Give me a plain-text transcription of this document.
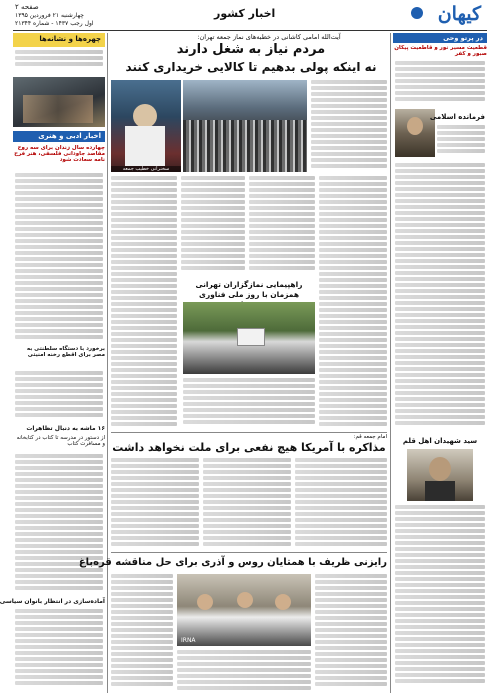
صفحه ۲
چهارشنبه ۲۱ فروردین ۱۳۹۵
اول رجب ۱۴۳۷ - شماره ۲۱۳۴۴
اخبار کشور	کیهان
چهره‌ها و نشانه‌ها
اخبار ادبی و هنری
چهارده سال زندان برای سه روح مقاصد جاودانی فلسفی، هنر فرح نامه سعادت شود
برخورد با دستگاه سلطنتی به مصر برای اقطع رخنه امنیتی
۱۶ ماشه به دنبال تظاهرات
از دستور در مدرسه تا کتاب در کتابخانه و مسافرت کتاب
آماده‌سازی در انتظار بانوان سیاسی
آیت‌الله امامی کاشانی در خطبه‌های نماز جمعه تهران:
مردم نیاز به شغل دارند
نه اینکه پولی بدهیم تا کالایی خریداری کنند
سخنرانی خطیب جمعه
راهپیمایی نمازگزاران تهرانی همزمان با روز ملی فناوری
امام جمعه قم:
مذاکره با آمریکا هیچ نفعی برای ملت نخواهد داشت
رایزنی ظریف با همتایان روس و آذری برای حل مناقشه قره‌باغ
IRNA
در پرتو وحی
قطعیت مسیر نور و قاطعیت پیکان صبور و کفر
فرمانده اسلامی
سید شهیدان اهل قلم
